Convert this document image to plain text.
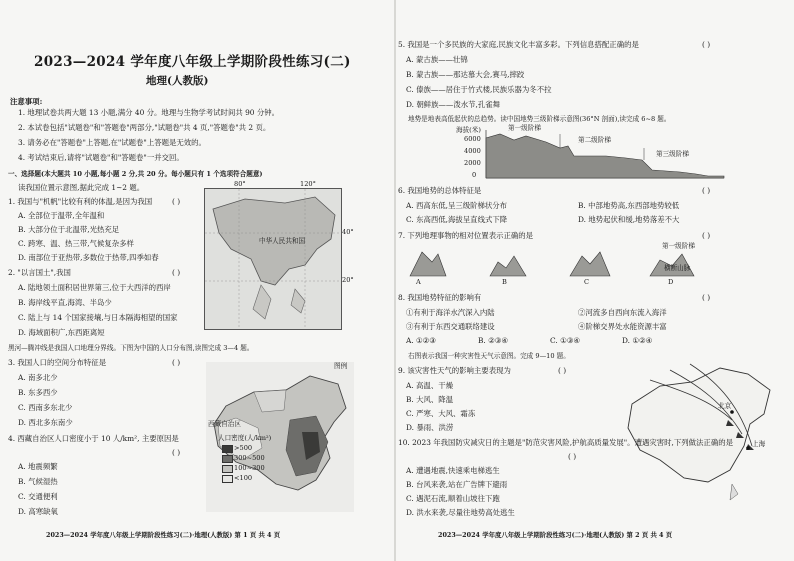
2023—2024 学年度八年级上学期阶段性练习(二)
地理(人教版)
注意事项:
1. 地理试卷共两大题 13 小题,满分 40 分。地理与生物学考试时间共 90 分钟。
2. 本试卷包括"试题卷"和"答题卷"两部分,"试题卷"共 4 页,"答题卷"共 2 页。
3. 请务必在"答题卷"上答题,在"试题卷"上答题是无效的。
4. 考试结束后,请将"试题卷"和"答题卷"一并交回。
一、选择题(本大题共 10 小题,每小题 2 分,共 20 分。每小题只有 1 个选项符合题意)
读我国位置示意图,据此完成 1~2 题。
1. 我国与"机帆"比较有利的体温,是因为我国	( )
A. 全部位于温带,全年温和
B. 大部分位于北温带,光热充足
C. 跨寒、温、热三带,气候复杂多样
D. 南部位于亚热带,多数位于热带,四季如春
2. "以言国土",我国	( )
A. 陆地领土面积居世界第三,位于大西洋的西岸
B. 海岸线平直,海湾、半岛少
C. 陆上与 14 个国家接壤,与日本隔海相望的国家
D. 海域面积广,东西距离短
中华人民共和国
80°	120°
40°
20°
黑河—腾冲线是我国人口地理分界线。下图为中国的人口分布图,读图完成 3—4 题。
3. 我国人口的空间分布特征是	( )
A. 南多北少
B. 东多西少
C. 西南多东北少
D. 西北多东南少
4. 西藏自治区人口密度小于 10 人/km², 主要原因是
( )
A. 地震频繁
B. 气候湿热
C. 交通便利
D. 高寒缺氧
西藏自治区
图例
人口密度(人/km²)
>500
300~500
100~300
<100
2023—2024 学年度八年级上学期阶段性练习(二)·地理(人教版) 第 1 页 共 4 页
5. 我国是一个多民族的大家庭,民族文化丰富多彩。下列信息搭配正确的是	( )
A. 蒙古族——壮锦
B. 蒙古族——那达慕大会,赛马,摔跤
C. 傣族——居住于竹式楼,民族乐器为冬不拉
D. 朝鲜族——泼水节,孔雀舞
地势是地表高低起伏的总趋势。读中国地势三级阶梯示意图(36°N 剖面),读完成 6~8 题。
海拔(米)
6000
4000
2000
0
第一级阶梯
第二级阶梯
第三级阶梯
6. 我国地势的总体特征是	( )
A. 西高东低,呈三级阶梯状分布	B. 中部地势高,东西部地势较低
C. 东高西低,海拔呈直线式下降	D. 地势起伏和缓,地势落差不大
7. 下列地理事物的相对位置表示正确的是	( )
A	B	C	D
第一级阶梯
横断山脉
8. 我国地势特征的影响有	( )
①有利于海洋水汽深入内陆	②河流多自西向东流入海洋
③有利于东西交通联络建设	④阶梯交界处水能资源丰富
A. ①②③	B. ②③④	C. ①③④	D. ①②④
右图表示我国一种灾害性天气示意图。完成 9—10 题。
9. 该灾害性天气的影响主要表现为	( )
A. 高温、干燥
B. 大风、降温
C. 严寒、大风、霜冻
D. 暴雨、洪涝
北京
上海
10. 2023 年我国防灾减灾日的主题是"防范灾害风险,护航高质量发展"。遭遇灾害时,下列做法正确的是
( )
A. 遭遇地震,快速乘电梯逃生
B. 台风来袭,站在广告牌下避雨
C. 遇泥石流,顺着山坡往下跑
D. 洪水来袭,尽量往地势高处逃生
2023—2024 学年度八年级上学期阶段性练习(二)·地理(人教版) 第 2 页 共 4 页
